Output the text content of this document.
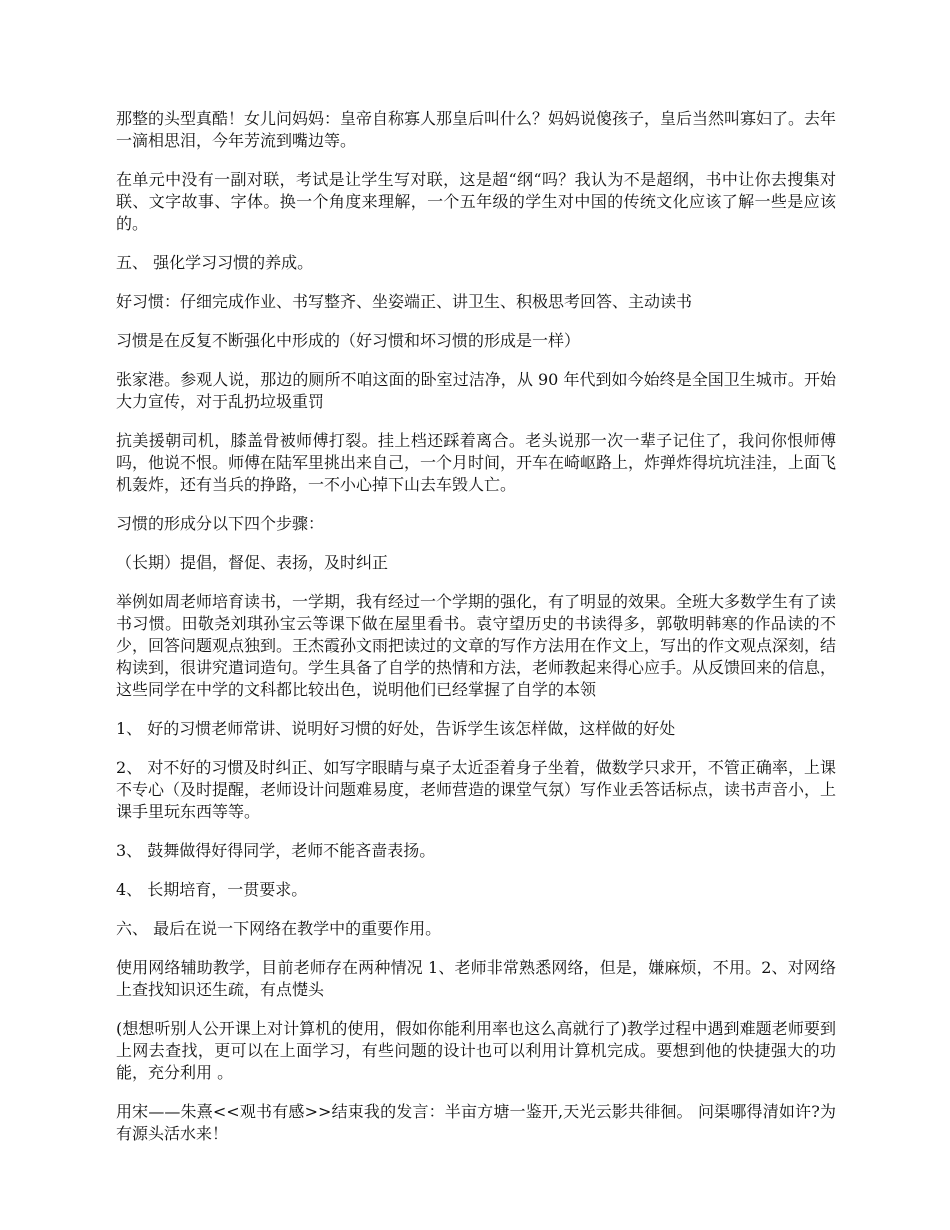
那整的头型真酷！女儿问妈妈：皇帝自称寡人那皇后叫什么？妈妈说傻孩子，皇后当然叫寡妇了。去年一滴相思泪，今年芳流到嘴边等。

在单元中没有一副对联，考试是让学生写对联，这是超“纲“吗？我认为不是超纲，书中让你去搜集对联、文字故事、字体。换一个角度来理解，一个五年级的学生对中国的传统文化应该了解一些是应该的。

五、 强化学习习惯的养成。

好习惯：仔细完成作业、书写整齐、坐姿端正、讲卫生、积极思考回答、主动读书

习惯是在反复不断强化中形成的（好习惯和坏习惯的形成是一样）

张家港。参观人说，那边的厕所不咱这面的卧室过洁净，从 90 年代到如今始终是全国卫生城市。开始大力宣传，对于乱扔垃圾重罚

抗美援朝司机，膝盖骨被师傅打裂。挂上档还踩着离合。老头说那一次一辈子记住了，我问你恨师傅吗，他说不恨。师傅在陆军里挑出来自己，一个月时间，开车在崎岖路上，炸弹炸得坑坑洼洼，上面飞机轰炸，还有当兵的挣路，一不小心掉下山去车毁人亡。

习惯的形成分以下四个步骤：

（长期）提倡，督促、表扬，及时纠正

举例如周老师培育读书，一学期，我有经过一个学期的强化，有了明显的效果。全班大多数学生有了读书习惯。田敬尧刘琪孙宝云等课下做在屋里看书。袁守望历史的书读得多，郭敬明韩寒的作品读的不少，回答问题观点独到。王杰霞孙文雨把读过的文章的写作方法用在作文上，写出的作文观点深刻，结构读到，很讲究遣词造句。学生具备了自学的热情和方法，老师教起来得心应手。从反馈回来的信息，这些同学在中学的文科都比较出色，说明他们已经掌握了自学的本领

1、 好的习惯老师常讲、说明好习惯的好处，告诉学生该怎样做，这样做的好处

2、 对不好的习惯及时纠正、如写字眼睛与桌子太近歪着身子坐着，做数学只求开，不管正确率，上课不专心（及时提醒，老师设计问题难易度，老师营造的课堂气氛）写作业丢答话标点，读书声音小，上课手里玩东西等等。

3、 鼓舞做得好得同学，老师不能吝啬表扬。

4、 长期培育，一贯要求。

六、 最后在说一下网络在教学中的重要作用。

使用网络辅助教学，目前老师存在两种情况 1、老师非常熟悉网络，但是，嫌麻烦，不用。2、对网络上查找知识还生疏，有点憷头

(想想听别人公开课上对计算机的使用，假如你能利用率也这么高就行了)教学过程中遇到难题老师要到上网去查找，更可以在上面学习，有些问题的设计也可以利用计算机完成。要想到他的快捷强大的功能，充分利用 。

用宋——朱熹<<观书有感>>结束我的发言：半亩方塘一鉴开,天光云影共徘徊。 问渠哪得清如许?为有源头活水来！
